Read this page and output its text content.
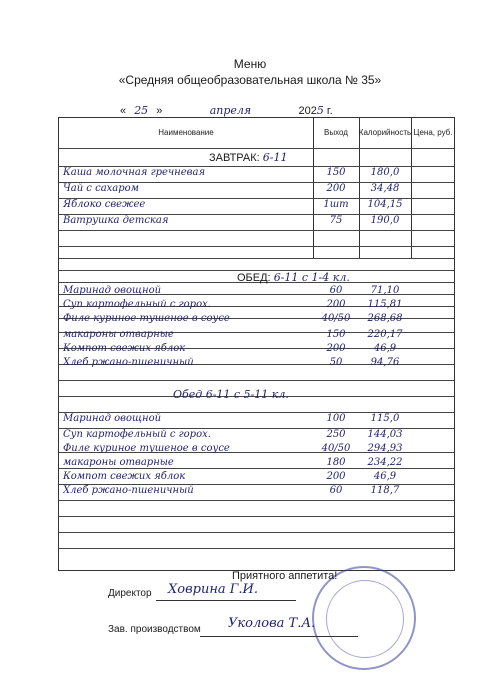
Меню
«Средняя общеобразовательная школа № 35»
« 25 »	апреля	2025 г.
Наименование	Выход	Калорийность Цена, руб.
ЗАВТРАК: 6-11
Каша молочная гречневая	150	180,0
Чай с сахаром	200	34,48
Яблоко свежее	1шт	104,15
Ватрушка детская	75	190,0
ОБЕД: 6-11 с 1-4 кл.
Маринад овощной	60	71,10
Суп картофельный с горох.	200	115,81
Филе куриное тушеное в соусе	40/50	268,68
макароны отварные	150	220,17
Компот свежих яблок	200	46,9
Хлеб ржано-пшеничный	50	94,76
Обед 6-11 с 5-11 кл.
Маринад овощной	100	115,0
Суп картофельный с горох.	250	144,03
Филе куриное тушеное в соусе	40/50	294,93
макароны отварные	180	234,22
Компот свежих яблок	200	46,9
Хлеб ржано-пшеничный	60	118,7
Приятного аппетита!
Директор Ховрина Г.И.
Зав. производством Уколова Т.А.
